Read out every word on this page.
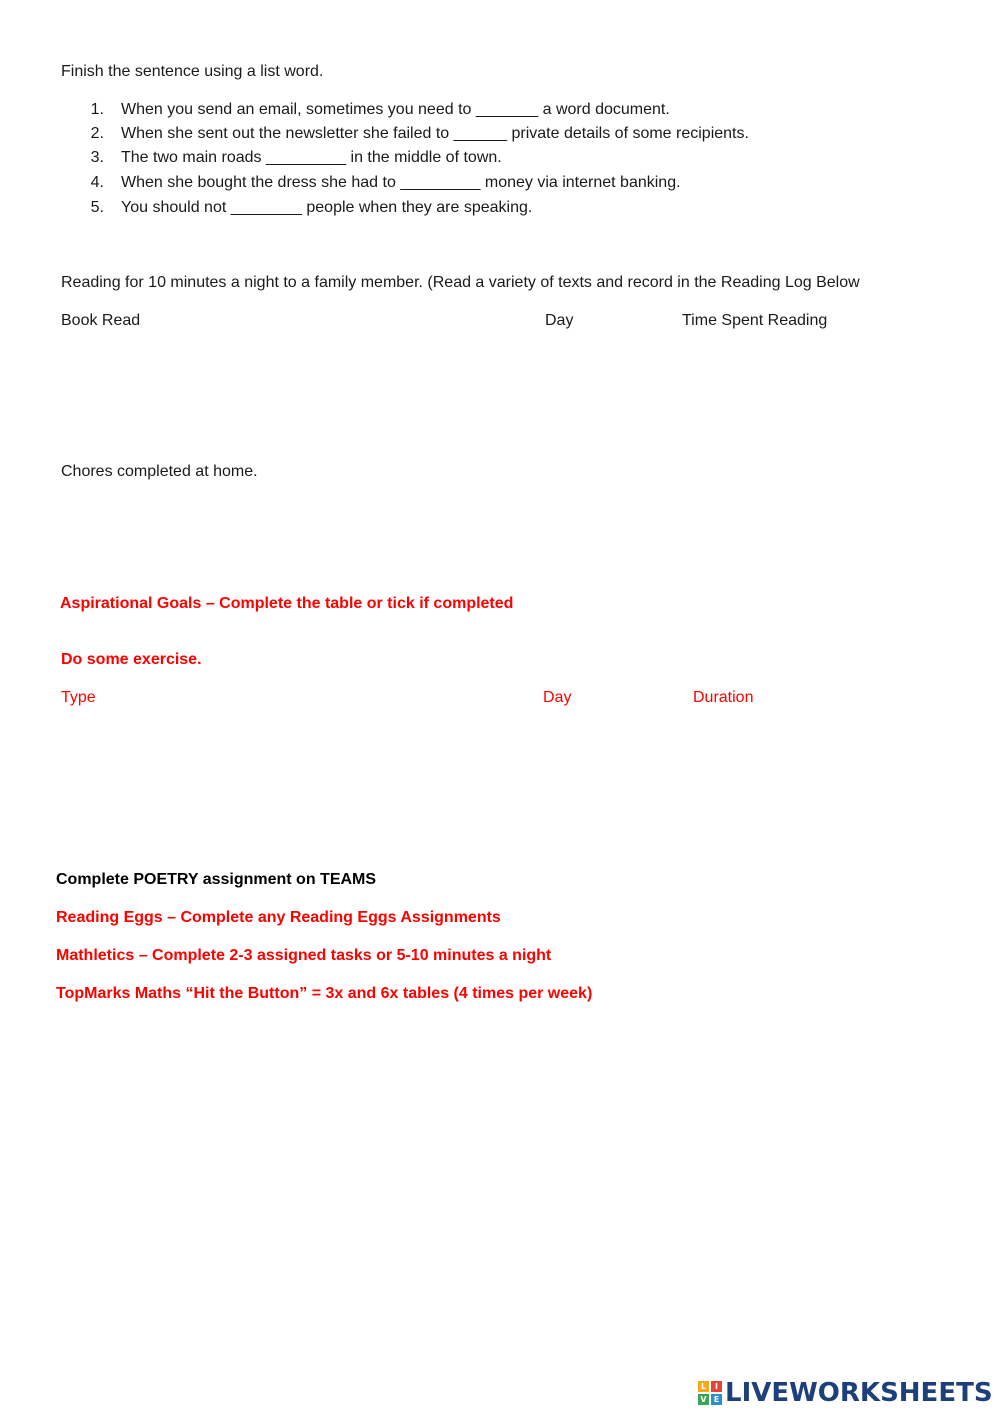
Finish the sentence using a list word.
1. When you send an email, sometimes you need to _______ a word document.
2. When she sent out the newsletter she failed to ______ private details of some recipients.
3. The two main roads _________ in the middle of town.
4. When she bought the dress she had to _________ money via internet banking.
5. You should not ________ people when they are speaking.
Reading for 10 minutes a night to a family member. (Read a variety of texts and record in the Reading Log Below
Book Read	Day	Time Spent Reading
Chores completed at home.
Aspirational Goals – Complete the table or tick if completed
Do some exercise.
Type	Day	Duration
Complete POETRY assignment on TEAMS
Reading Eggs – Complete any Reading Eggs Assignments
Mathletics – Complete 2-3 assigned tasks or 5-10 minutes a night
TopMarks Maths “Hit the Button” = 3x and 6x tables (4 times per week)
L	I
V E LIVEWORKSHEETS
